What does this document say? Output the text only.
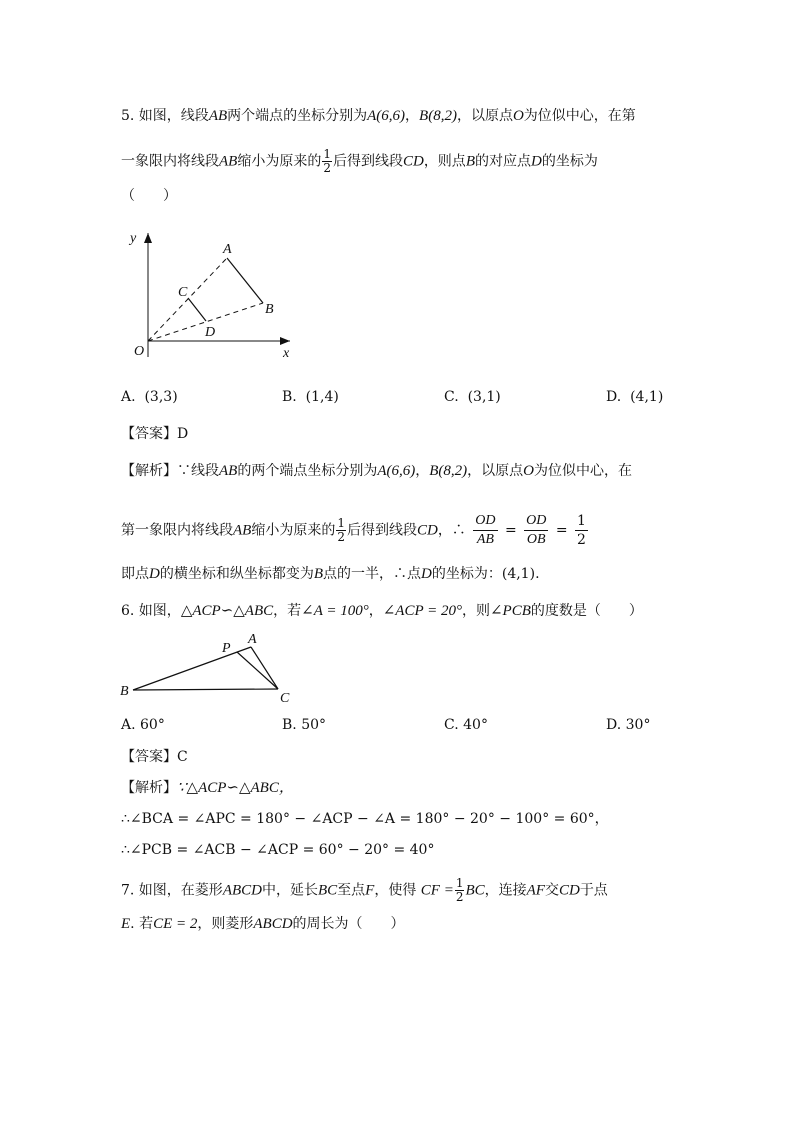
5. 如图，线段AB两个端点的坐标分别为A(6,6)，B(8,2)，以原点O为位似中心，在第
一象限内将线段AB缩小为原来的 $\frac{1}{2}$ 后得到线段CD，则点B的对应点D的坐标为
（　　）
y
x
O
A
B
C
D
A. (3,3)	B. (1,4)	C. (3,1)	D. (4,1)
【答案】D
【解析】∵线段AB的两个端点坐标分别为A(6,6)，B(8,2)，以原点O为位似中心，在
第一象限内将线段AB缩小为原来的 $\frac{1}{2}$ 后得到线段CD，∴ $\frac{OD}{AB} = \frac{OD}{OB} = \frac{1}{2}$
即点D的横坐标和纵坐标都变为B点的一半，∴点D的坐标为：(4,1).
6. 如图，△ACP∽△ABC，若∠A = 100°，∠ACP = 20°，则∠PCB的度数是（　　）
B
A
P
C
A. 60°	B. 50°	C. 40°	D. 30°
【答案】C
【解析】∵△ACP∽△ABC，
∴∠BCA = ∠APC = 180° − ∠ACP − ∠A = 180° − 20° − 100° = 60°，
∴∠PCB = ∠ACB − ∠ACP = 60° − 20° = 40°
7. 如图，在菱形ABCD中，延长BC至点F，使得 CF = $\frac{1}{2}$ BC，连接AF交CD于点
E. 若CE = 2，则菱形ABCD的周长为（　　）
